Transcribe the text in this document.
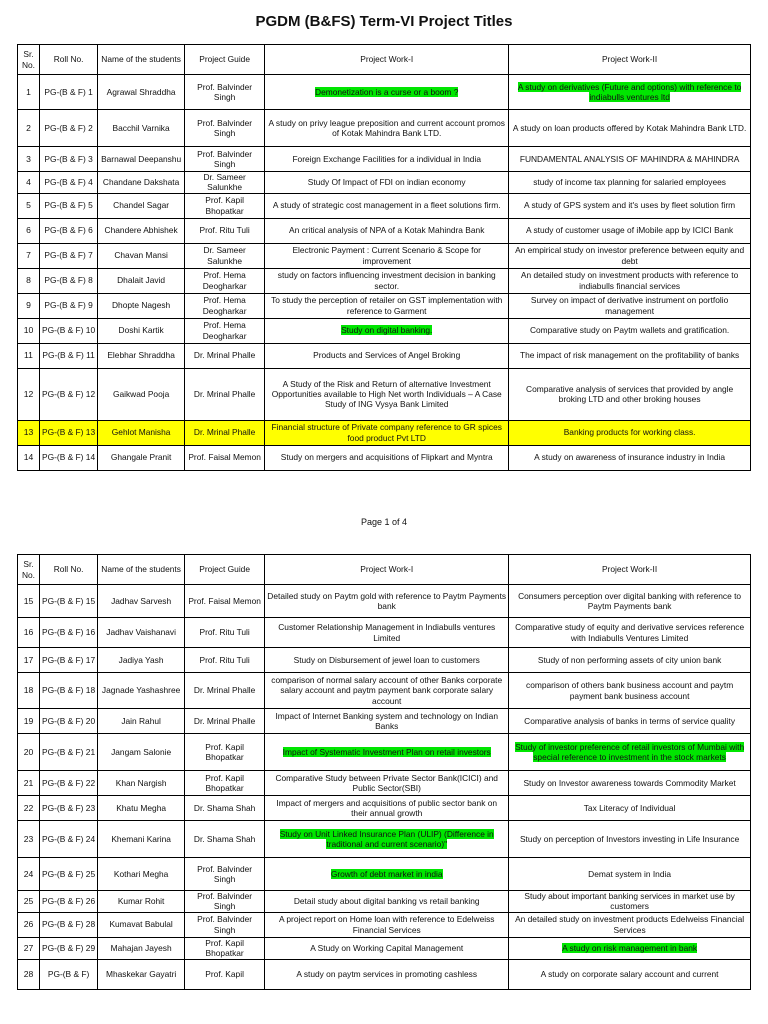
PGDM (B&FS) Term-VI Project Titles
Sr. No.	Roll No.	Name of the students	Project Guide	Project Work-I	Project Work-II
1	PG-(B & F) 1	Agrawal Shraddha	Prof. Balvinder Singh	Demonetization is a curse or a boom ?	A study on derivatives (Future and options) with reference to indiabulls ventures ltd
2	PG-(B & F) 2	Bacchil Varnika	Prof. Balvinder Singh	A study on privy league preposition and current account promos of Kotak Mahindra Bank LTD.	A study on loan products offered by Kotak Mahindra Bank LTD.
3	PG-(B & F) 3	Barnawal Deepanshu	Prof. Balvinder Singh	Foreign Exchange Facilities for a individual in India	FUNDAMENTAL ANALYSIS OF MAHINDRA & MAHINDRA
4	PG-(B & F) 4	Chandane Dakshata	Dr. Sameer Salunkhe	Study Of Impact of FDI on indian economy	study of income tax planning for salaried employees
5	PG-(B & F) 5	Chandel Sagar	Prof. Kapil Bhopatkar	A study of strategic cost management in a fleet solutions firm.	A study of GPS system and it's uses by fleet solution firm
6	PG-(B & F) 6	Chandere Abhishek	Prof. Ritu Tuli	An critical analysis of NPA of a Kotak Mahindra Bank	A study of customer usage of iMobile app by ICICI Bank
7	PG-(B & F) 7	Chavan Mansi	Dr. Sameer Salunkhe	Electronic Payment : Current Scenario & Scope for improvement	An empirical study on investor preference between equity and debt
8	PG-(B & F) 8	Dhalait Javid	Prof. Hema Deogharkar	study on factors influencing investment decision in banking sector.	An detailed study on investment products with reference to indiabulls financial services
9	PG-(B & F) 9	Dhopte Nagesh	Prof. Hema Deogharkar	To study the perception of retailer on GST implementation with reference to Garment	Survey on impact of derivative instrument on portfolio management
10	PG-(B & F) 10	Doshi Kartik	Prof. Hema Deogharkar	Study on digital banking.	Comparative study on Paytm wallets and gratification.
11	PG-(B & F) 11	Elebhar Shraddha	Dr. Mrinal Phalle	Products and Services of Angel Broking	The impact of risk management on the profitability of banks
12	PG-(B & F) 12	Gaikwad Pooja	Dr. Mrinal Phalle	A Study of the Risk and Return of alternative Investment Opportunities available to High Net worth Individuals – A Case Study of ING Vysya Bank Limited	Comparative analysis of services that provided by angle broking LTD and other broking houses
13	PG-(B & F) 13	Gehlot Manisha	Dr. Mrinal Phalle	Financial structure of Private company reference to GR spices food product Pvt LTD	Banking products for working class.
14	PG-(B & F) 14	Ghangale Pranit	Prof. Faisal Memon	Study on mergers and acquisitions of Flipkart and Myntra	A study on awareness of insurance industry in India
Page 1 of 4
Sr. No.	Roll No.	Name of the students	Project Guide	Project Work-I	Project Work-II
15	PG-(B & F) 15	Jadhav Sarvesh	Prof. Faisal Memon	Detailed study on Paytm gold with reference to Paytm Payments bank	Consumers perception over digital banking with reference to Paytm Payments bank
16	PG-(B & F) 16	Jadhav Vaishanavi	Prof. Ritu Tuli	Customer Relationship Management in Indiabulls ventures Limited	Comparative study of equity and derivative services reference with Indiabulls Ventures Limited
17	PG-(B & F) 17	Jadiya Yash	Prof. Ritu Tuli	Study on Disbursement of jewel loan to customers	Study of non performing assets of city union bank
18	PG-(B & F) 18	Jagnade Yashashree	Dr. Mrinal Phalle	comparison of normal salary account of other Banks corporate salary account and paytm payment bank corporate salary account	comparison of others bank business account and paytm payment bank business account
19	PG-(B & F) 20	Jain Rahul	Dr. Mrinal Phalle	Impact of Internet Banking system and technology on Indian Banks	Comparative analysis of banks in terms of service quality
20	PG-(B & F) 21	Jangam Salonie	Prof. Kapil Bhopatkar	Impact of Systematic Investment Plan on retail investors	Study of investor preference of retail investors of Mumbai with special reference to investment in the stock markets
21	PG-(B & F) 22	Khan Nargish	Prof. Kapil Bhopatkar	Comparative Study between Private Sector Bank(ICICI) and Public Sector(SBI)	Study on Investor awareness towards Commodity Market
22	PG-(B & F) 23	Khatu Megha	Dr. Shama Shah	Impact of mergers and acquisitions of public sector bank on their annual growth	Tax Literacy of Individual
23	PG-(B & F) 24	Khemani Karina	Dr. Shama Shah	Study on Unit Linked Insurance Plan (ULIP) (Difference in traditional and current scenario)"	Study on perception of Investors investing in Life Insurance
24	PG-(B & F) 25	Kothari Megha	Prof. Balvinder Singh	Growth of debt market in india	Demat system in India
25	PG-(B & F) 26	Kumar Rohit	Prof. Balvinder Singh	Detail study about digital banking vs retail banking	Study about important banking services in market use by customers
26	PG-(B & F) 28	Kumavat Babulal	Prof. Balvinder Singh	A project report on Home loan with reference to Edelweiss Financial Services	An detailed study on investment products Edelweiss Financial Services
27	PG-(B & F) 29	Mahajan Jayesh	Prof. Kapil Bhopatkar	A Study on Working Capital Management	A study on risk management in bank
28	PG-(B & F)	Mhaskekar Gayatri	Prof. Kapil	A study on paytm services in promoting cashless	A study on corporate salary account and current
